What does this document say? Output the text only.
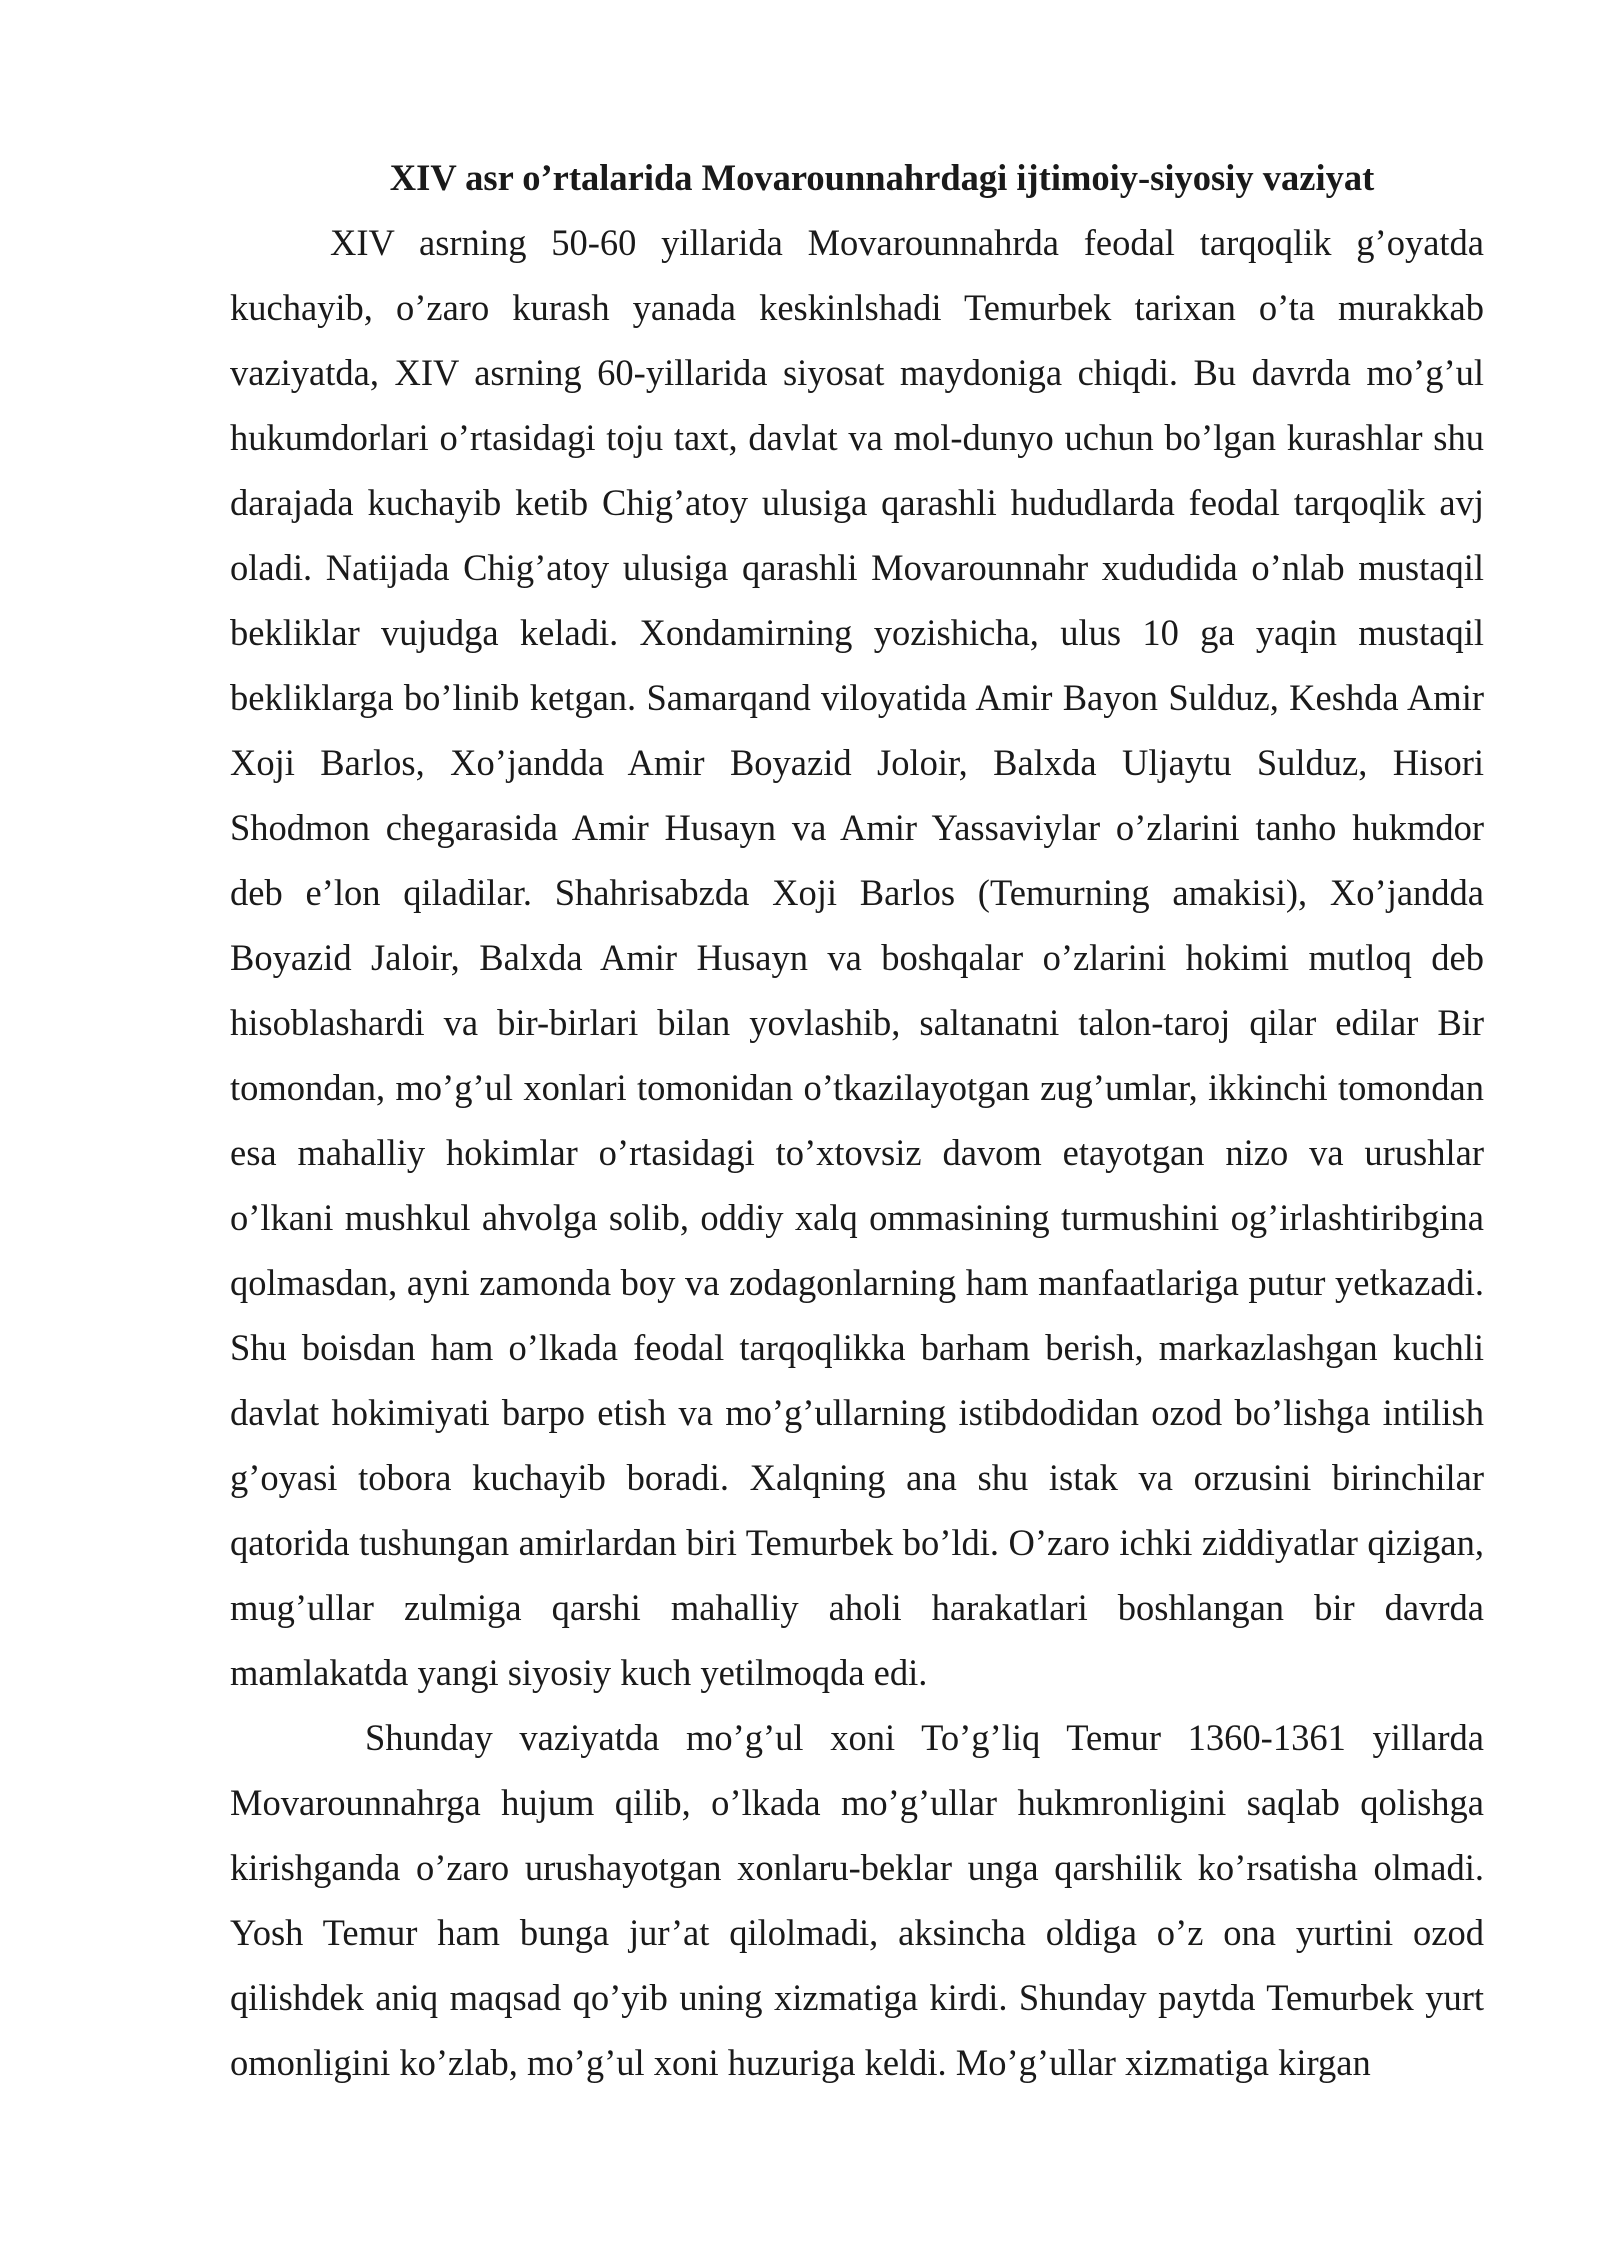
XIV asr o’rtalarida Movarounnahrdagi ijtimoiy-siyosiy vaziyat

XIV asrning 50-60 yillarida Movarounnahrda feodal tarqoqlik g’oyatda kuchayib, o’zaro kurash yanada keskinlshadi Temurbek tarixan o’ta murakkab vaziyatda, XIV asrning 60-yillarida siyosat maydoniga chiqdi. Bu davrda mo’g’ul hukumdorlari o’rtasidagi toju taxt, davlat va mol-dunyo uchun bo’lgan kurashlar shu darajada kuchayib ketib Chig’atoy ulusiga qarashli hududlarda feodal tarqoqlik avj oladi. Natijada Chig’atoy ulusiga qarashli Movarounnahr xududida o’nlab mustaqil bekliklar vujudga keladi. Xondamirning yozishicha, ulus 10 ga yaqin mustaqil bekliklarga bo’linib ketgan. Samarqand viloyatida Amir Bayon Sulduz, Keshda Amir Xoji Barlos, Xo’jandda Amir Boyazid Joloir, Balxda Uljaytu Sulduz, Hisori Shodmon chegarasida Amir Husayn va Amir Yassaviylar o’zlarini tanho hukmdor deb e’lon qiladilar. Shahrisabzda Xoji Barlos (Temurning amakisi), Xo’jandda Boyazid Jaloir, Balxda Amir Husayn va boshqalar o’zlarini hokimi mutloq deb hisoblashardi va bir-birlari bilan yovlashib, saltanatni talon-taroj qilar edilar Bir tomondan, mo’g’ul xonlari tomonidan o’tkazilayotgan zug’umlar, ikkinchi tomondan esa mahalliy hokimlar o’rtasidagi to’xtovsiz davom etayotgan nizo va urushlar o’lkani mushkul ahvolga solib, oddiy xalq ommasining turmushini og’irlashtiribgina qolmasdan, ayni zamonda boy va zodagonlarning ham manfaatlariga putur yetkazadi. Shu boisdan ham o’lkada feodal tarqoqlikka barham berish, markazlashgan kuchli davlat hokimiyati barpo etish va mo’g’ullarning istibdodidan ozod bo’lishga intilish g’oyasi tobora kuchayib boradi. Xalqning ana shu istak va orzusini birinchilar qatorida tushungan amirlardan biri Temurbek bo’ldi. O’zaro ichki ziddiyatlar qizigan, mug’ullar zulmiga qarshi mahalliy aholi harakatlari boshlangan bir davrda mamlakatda yangi siyosiy kuch yetilmoqda edi.

Shunday vaziyatda mo’g’ul xoni To’g’liq Temur 1360-1361 yillarda Movarounnahrga hujum qilib, o’lkada mo’g’ullar hukmronligini saqlab qolishga kirishganda o’zaro urushayotgan xonlaru-beklar unga qarshilik ko’rsatisha olmadi. Yosh Temur ham bunga jur’at qilolmadi, aksincha oldiga o’z ona yurtini ozod qilishdek aniq maqsad qo’yib uning xizmatiga kirdi. Shunday paytda Temurbek yurt omonligini ko’zlab, mo’g’ul xoni huzuriga keldi. Mo’g’ullar xizmatiga kirgan
